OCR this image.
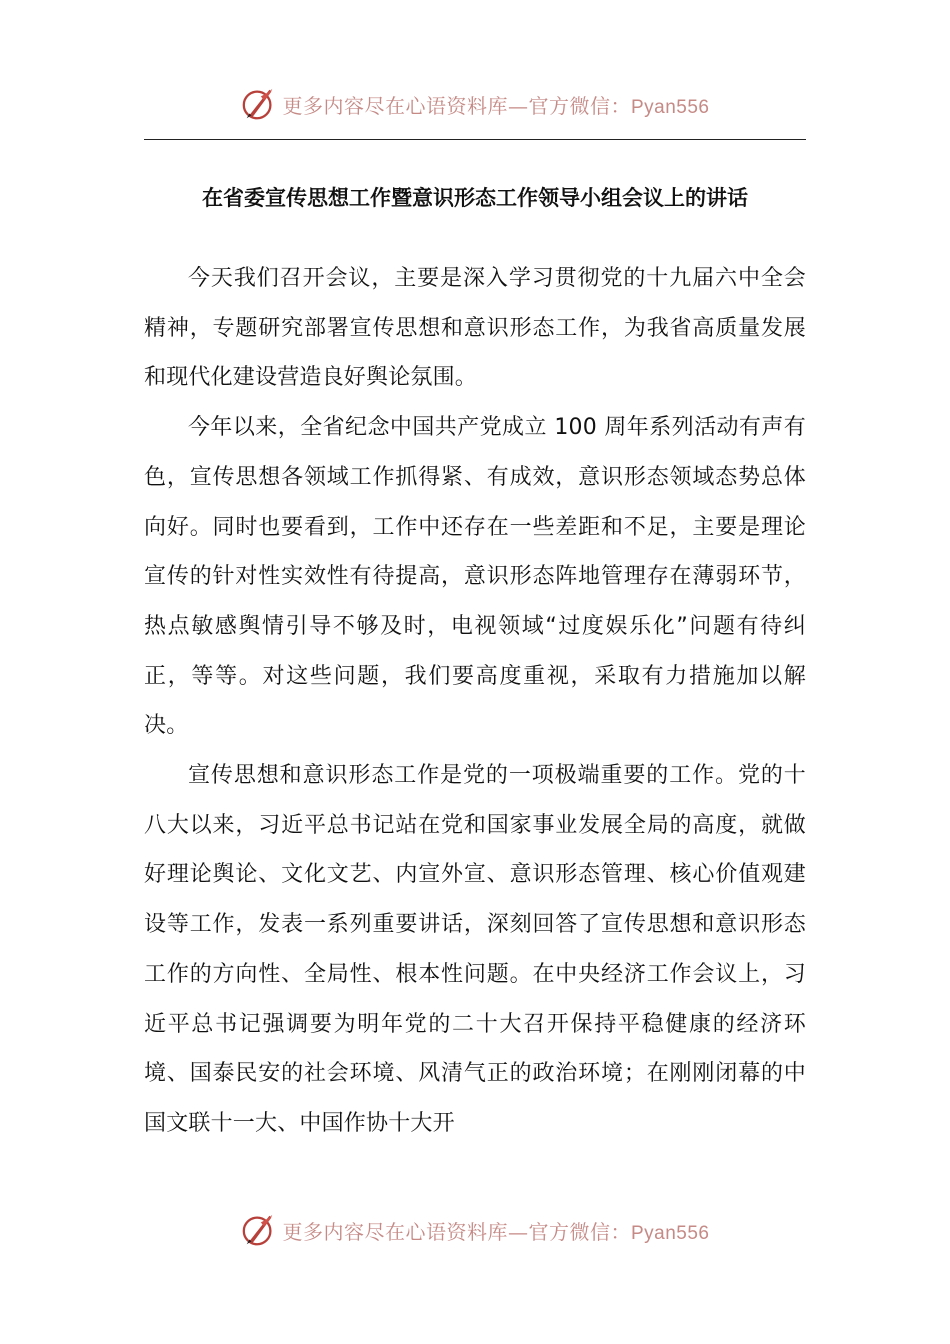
更多内容尽在心语资料库—官方微信：Pyan556
在省委宣传思想工作暨意识形态工作领导小组会议上的讲话

今天我们召开会议，主要是深入学习贯彻党的十九届六中全会精神，专题研究部署宣传思想和意识形态工作，为我省高质量发展和现代化建设营造良好舆论氛围。

今年以来，全省纪念中国共产党成立 100 周年系列活动有声有色，宣传思想各领域工作抓得紧、有成效，意识形态领域态势总体向好。同时也要看到，工作中还存在一些差距和不足，主要是理论宣传的针对性实效性有待提高，意识形态阵地管理存在薄弱环节，热点敏感舆情引导不够及时，电视领域“过度娱乐化”问题有待纠正，等等。对这些问题，我们要高度重视，采取有力措施加以解决。

宣传思想和意识形态工作是党的一项极端重要的工作。党的十八大以来，习近平总书记站在党和国家事业发展全局的高度，就做好理论舆论、文化文艺、内宣外宣、意识形态管理、核心价值观建设等工作，发表一系列重要讲话，深刻回答了宣传思想和意识形态工作的方向性、全局性、根本性问题。在中央经济工作会议上，习近平总书记强调要为明年党的二十大召开保持平稳健康的经济环境、国泰民安的社会环境、风清气正的政治环境；在刚刚闭幕的中国文联十一大、中国作协十大开

更多内容尽在心语资料库—官方微信：Pyan556
